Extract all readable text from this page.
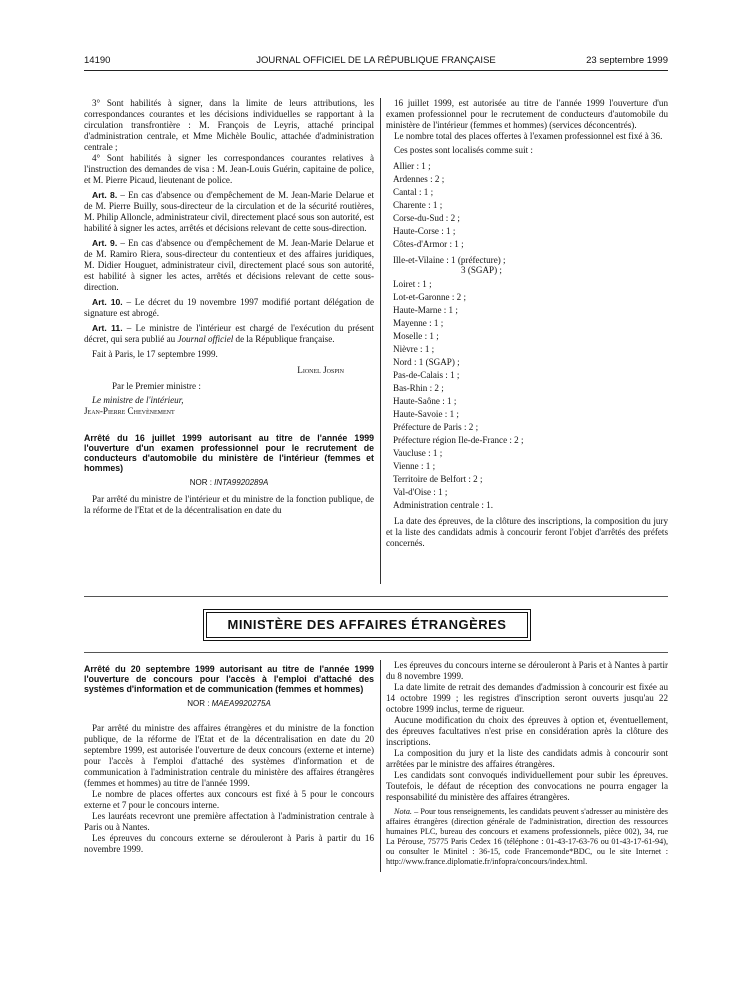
14190	JOURNAL OFFICIEL DE LA RÉPUBLIQUE FRANÇAISE	23 septembre 1999

3° Sont habilités à signer, dans la limite de leurs attributions, les correspondances courantes et les décisions individuelles se rapportant à la circulation transfrontière : M. François de Leyris, attaché principal d'administration centrale, et Mme Michèle Boulic, attachée d'administration centrale ;

4° Sont habilités à signer les correspondances courantes relatives à l'instruction des demandes de visa : M. Jean-Louis Guérin, capitaine de police, et M. Pierre Picaud, lieutenant de police.

Art. 8. – En cas d'absence ou d'empêchement de M. Jean-Marie Delarue et de M. Pierre Builly, sous-directeur de la circulation et de la sécurité routières, M. Philip Alloncle, administrateur civil, directement placé sous son autorité, est habilité à signer les actes, arrêtés et décisions relevant de cette sous-direction.

Art. 9. – En cas d'absence ou d'empêchement de M. Jean-Marie Delarue et de M. Ramiro Riera, sous-directeur du contentieux et des affaires juridiques, M. Didier Houguet, administrateur civil, directement placé sous son autorité, est habilité à signer les actes, arrêtés et décisions relevant de cette sous-direction.

Art. 10. – Le décret du 19 novembre 1997 modifié portant délégation de signature est abrogé.

Art. 11. – Le ministre de l'intérieur est chargé de l'exécution du présent décret, qui sera publié au Journal officiel de la République française.

Fait à Paris, le 17 septembre 1999.

Lionel Jospin
Par le Premier ministre :
Le ministre de l'intérieur,
Jean-Pierre Chevènement
Arrêté du 16 juillet 1999 autorisant au titre de l'année 1999 l'ouverture d'un examen professionnel pour le recrutement de conducteurs d'automobile du ministère de l'intérieur (femmes et hommes)
NOR : INTA9920289A

Par arrêté du ministre de l'intérieur et du ministre de la fonction publique, de la réforme de l'Etat et de la décentralisation en date du

16 juillet 1999, est autorisée au titre de l'année 1999 l'ouverture d'un examen professionnel pour le recrutement de conducteurs d'automobile du ministère de l'intérieur (femmes et hommes) (services déconcentrés).

Le nombre total des places offertes à l'examen professionnel est fixé à 36.

Ces postes sont localisés comme suit :

Allier : 1 ;
Ardennes : 2 ;
Cantal : 1 ;
Charente : 1 ;
Corse-du-Sud : 2 ;
Haute-Corse : 1 ;
Côtes-d'Armor : 1 ;
Ille-et-Vilaine : 1 (préfecture) ;
3 (SGAP) ;
Loiret : 1 ;
Lot-et-Garonne : 2 ;
Haute-Marne : 1 ;
Mayenne : 1 ;
Moselle : 1 ;
Nièvre : 1 ;
Nord : 1 (SGAP) ;
Pas-de-Calais : 1 ;
Bas-Rhin : 2 ;
Haute-Saône : 1 ;
Haute-Savoie : 1 ;
Préfecture de Paris : 2 ;
Préfecture région Ile-de-France : 2 ;
Vaucluse : 1 ;
Vienne : 1 ;
Territoire de Belfort : 2 ;
Val-d'Oise : 1 ;
Administration centrale : 1.

La date des épreuves, de la clôture des inscriptions, la composition du jury et la liste des candidats admis à concourir feront l'objet d'arrêtés des préfets concernés.

MINISTÈRE DES AFFAIRES ÉTRANGÈRES
Arrêté du 20 septembre 1999 autorisant au titre de l'année 1999 l'ouverture de concours pour l'accès à l'emploi d'attaché des systèmes d'information et de communication (femmes et hommes)
NOR : MAEA9920275A

Par arrêté du ministre des affaires étrangères et du ministre de la fonction publique, de la réforme de l'Etat et de la décentralisation en date du 20 septembre 1999, est autorisée l'ouverture de deux concours (externe et interne) pour l'accès à l'emploi d'attaché des systèmes d'information et de communication à l'administration centrale du ministère des affaires étrangères (femmes et hommes) au titre de l'année 1999.

Le nombre de places offertes aux concours est fixé à 5 pour le concours externe et 7 pour le concours interne.

Les lauréats recevront une première affectation à l'administration centrale à Paris ou à Nantes.

Les épreuves du concours externe se dérouleront à Paris à partir du 16 novembre 1999.

Les épreuves du concours interne se dérouleront à Paris et à Nantes à partir du 8 novembre 1999.

La date limite de retrait des demandes d'admission à concourir est fixée au 14 octobre 1999 ; les registres d'inscription seront ouverts jusqu'au 22 octobre 1999 inclus, terme de rigueur.

Aucune modification du choix des épreuves à option et, éventuellement, des épreuves facultatives n'est prise en considération après la clôture des inscriptions.

La composition du jury et la liste des candidats admis à concourir sont arrêtées par le ministre des affaires étrangères.

Les candidats sont convoqués individuellement pour subir les épreuves. Toutefois, le défaut de réception des convocations ne pourra engager la responsabilité du ministère des affaires étrangères.

Nota. – Pour tous renseignements, les candidats peuvent s'adresser au ministère des affaires étrangères (direction générale de l'administration, direction des ressources humaines PLC, bureau des concours et examens professionnels, pièce 002), 34, rue La Pérouse, 75775 Paris Cedex 16 (téléphone : 01-43-17-63-76 ou 01-43-17-61-94), ou consulter le Minitel : 36-15, code Francemonde*BDC, ou le site Internet : http://www.france.diplomatie.fr/infopra/concours/index.html.
